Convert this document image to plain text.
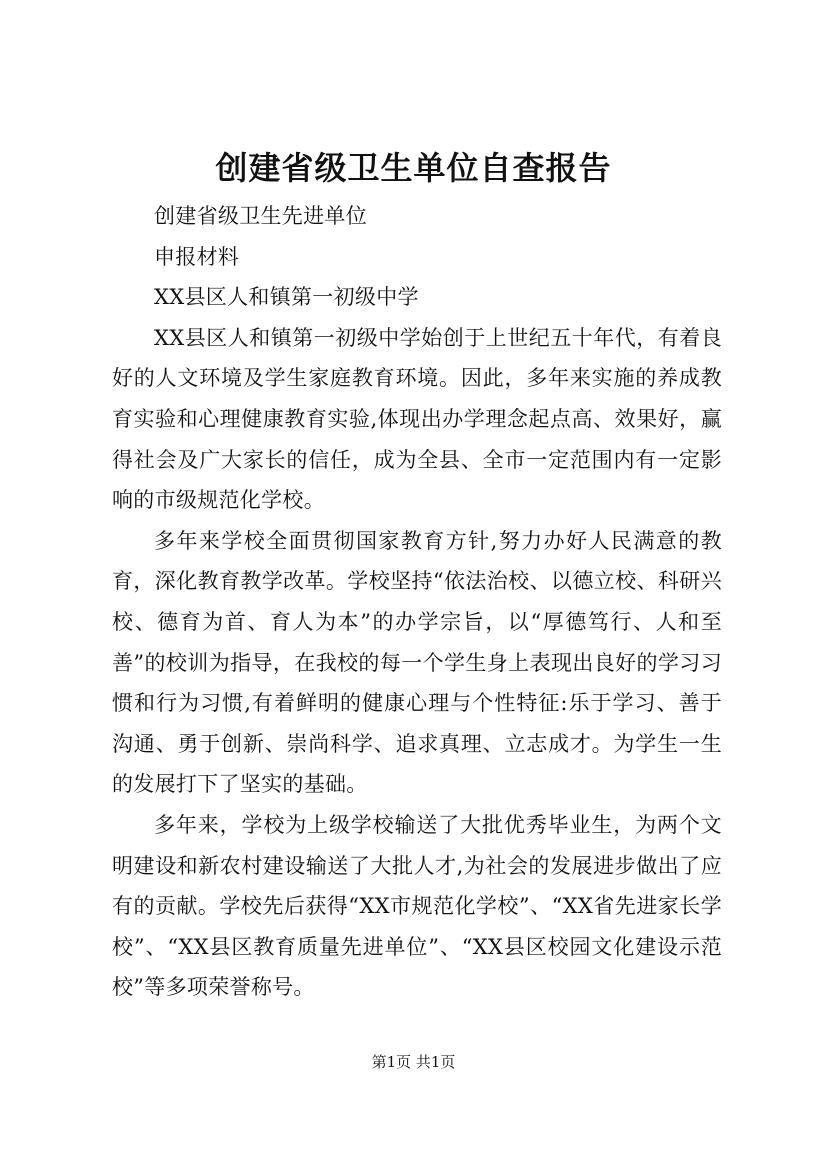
创建省级卫生单位自查报告

创建省级卫生先进单位

申报材料

XX县区人和镇第一初级中学

XX县区人和镇第一初级中学始创于上世纪五十年代，有着良好的人文环境及学生家庭教育环境。因此，多年来实施的养成教育实验和心理健康教育实验,体现出办学理念起点高、效果好，赢得社会及广大家长的信任，成为全县、全市一定范围内有一定影响的市级规范化学校。

多年来学校全面贯彻国家教育方针,努力办好人民满意的教育，深化教育教学改革。学校坚持“依法治校、以德立校、科研兴校、德育为首、育人为本”的办学宗旨，以“厚德笃行、人和至善”的校训为指导，在我校的每一个学生身上表现出良好的学习习惯和行为习惯,有着鲜明的健康心理与个性特征:乐于学习、善于沟通、勇于创新、崇尚科学、追求真理、立志成才。为学生一生的发展打下了坚实的基础。

多年来，学校为上级学校输送了大批优秀毕业生，为两个文明建设和新农村建设输送了大批人才,为社会的发展进步做出了应有的贡献。学校先后获得“XX市规范化学校”、“XX省先进家长学校”、“XX县区教育质量先进单位”、“XX县区校园文化建设示范校”等多项荣誉称号。

第1页 共1页
